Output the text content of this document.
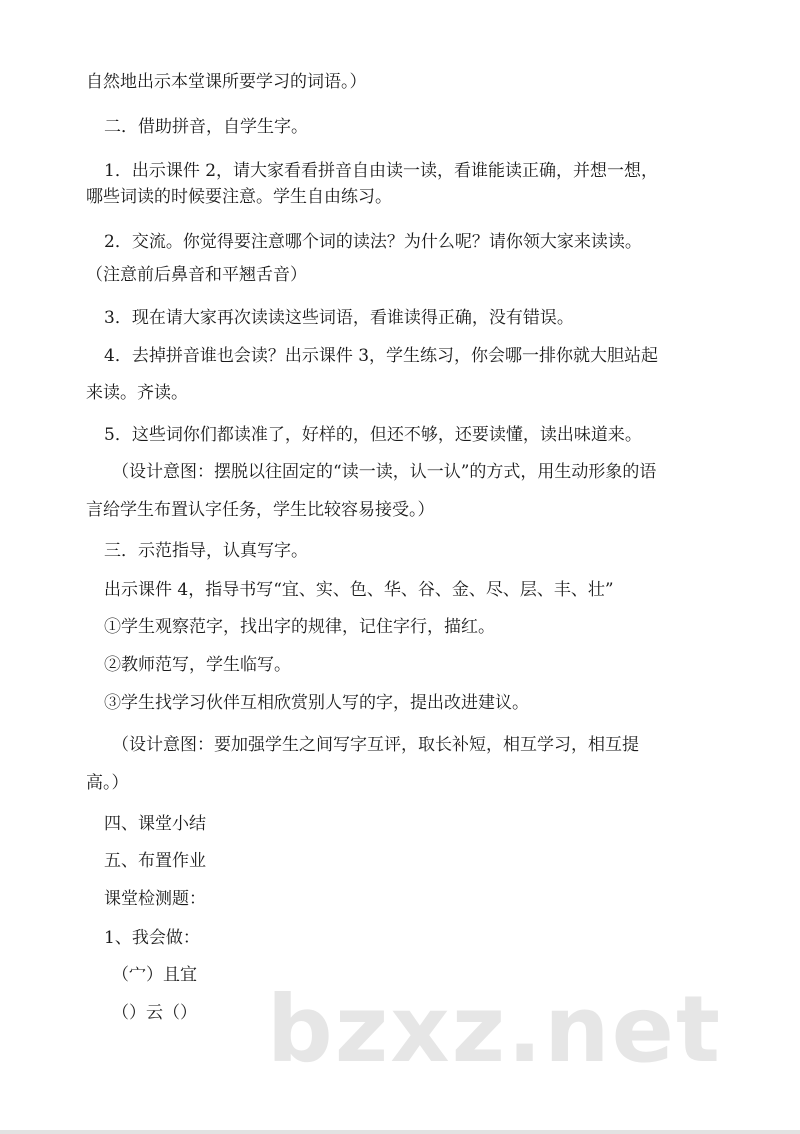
自然地出示本堂课所要学习的词语。）
二．借助拼音，自学生字。
1．出示课件 2，请大家看看拼音自由读一读，看谁能读正确，并想一想，
哪些词读的时候要注意。学生自由练习。
2．交流。你觉得要注意哪个词的读法？为什么呢？请你领大家来读读。
（注意前后鼻音和平翘舌音）
3．现在请大家再次读读这些词语，看谁读得正确，没有错误。
4．去掉拼音谁也会读？出示课件 3，学生练习，你会哪一排你就大胆站起
来读。齐读。
5．这些词你们都读准了，好样的，但还不够，还要读懂，读出味道来。
（设计意图：摆脱以往固定的“读一读，认一认”的方式，用生动形象的语
言给学生布置认字任务，学生比较容易接受。）
三．示范指导，认真写字。
出示课件 4，指导书写“宜、实、色、华、谷、金、尽、层、丰、壮”
①学生观察范字，找出字的规律，记住字行，描红。
②教师范写，学生临写。
③学生找学习伙伴互相欣赏别人写的字，提出改进建议。
（设计意图：要加强学生之间写字互评，取长补短，相互学习，相互提
高。）
四、课堂小结
五、布置作业
课堂检测题：
1、我会做：
（宀）且宜
（）云（） bzxz.net
